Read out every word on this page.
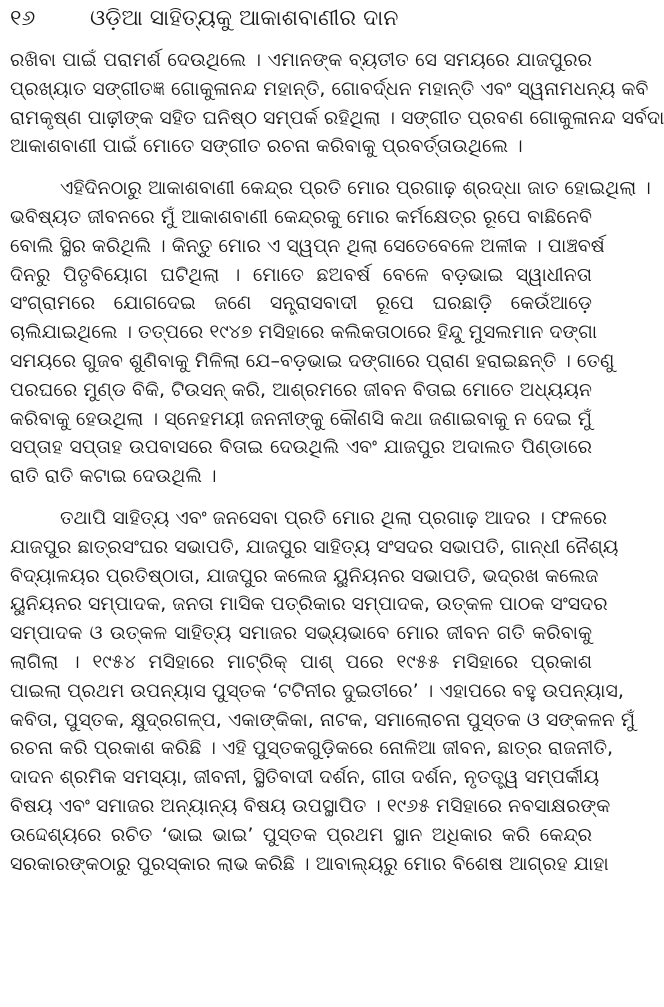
୧୬	ଓଡ଼ିଆ ସାହିତ୍ୟକୁ ଆକାଶବାଣୀର ଦାନ

ରଖିବା ପାଇଁ ପରାମର୍ଶ ଦେଉଥିଲେ । ଏମାନଙ୍କ ବ୍ୟତୀତ ସେ ସମୟରେ ଯାଜପୁରର
ପ୍ରଖ୍ୟାତ ସଙ୍ଗୀତଜ୍ଞ ଗୋକୁଳାନନ୍ଦ ମହାନ୍ତି, ଗୋବର୍ଦ୍ଧନ ମହାନ୍ତି ଏବଂ ସ୍ୱନାମଧନ୍ୟ କବି
ରାମକୃଷ୍ଣ ପାଢ଼ୀଙ୍କ ସହିତ ଘନିଷ୍ଠ ସମ୍ପର୍କ ରହିଥିଲା । ସଙ୍ଗୀତ ପ୍ରବଣ ଗୋକୁଳାନନ୍ଦ ସର୍ବଦା
ଆକାଶବାଣୀ ପାଇଁ ମୋତେ ସଙ୍ଗୀତ ରଚନା କରିବାକୁ ପ୍ରବର୍ତ୍ତାଉଥିଲେ ।

ଏହିଦିନଠାରୁ ଆକାଶବାଣୀ କେନ୍ଦ୍ର ପ୍ରତି ମୋର ପ୍ରଗାଢ଼ ଶ୍ରଦ୍ଧା ଜାତ ହୋଇଥିଲା ।
ଭବିଷ୍ୟତ ଜୀବନରେ ମୁଁ ଆକାଶବାଣୀ କେନ୍ଦ୍ରକୁ ମୋର କର୍ମକ୍ଷେତ୍ର ରୂପେ ବାଛିନେବି
ବୋଲି ସ୍ଥିର କରିଥିଲି । କିନ୍ତୁ ମୋର ଏ ସ୍ୱପ୍ନ ଥିଲା ସେତେବେଳେ ଅଳୀକ । ପାଞ୍ଚବର୍ଷ
ଦିନରୁ ପିତୃବିୟୋଗ ଘଟିଥିଲା । ମୋତେ ଛଅବର୍ଷ ବେଳେ ବଡ଼ଭାଇ ସ୍ୱାଧୀନତା
ସଂଗ୍ରାମରେ ଯୋଗଦେଇ ଜଣେ ସନ୍ତ୍ରାସବାଦୀ ରୂପେ ଘରଛାଡ଼ି କେଉଁଆଡ଼େ
ଚାଲିଯାଇଥିଲେ । ତତ୍ପରେ ୧୯୪୭ ମସିହାରେ କଲିକତାଠାରେ ହିନ୍ଦୁ ମୁସଲମାନ ଦଙ୍ଗା
ସମୟରେ ଗୁଜବ ଶୁଣିବାକୁ ମିଳିଲା ଯେ–ବଡ଼ଭାଇ ଦଙ୍ଗାରେ ପ୍ରାଣ ହରାଇଛନ୍ତି । ତେଣୁ
ପରଘରେ ମୁଣ୍ଡ ବିକି, ଟିଉସନ୍ କରି, ଆଶ୍ରମରେ ଜୀବନ ବିତାଇ ମୋତେ ଅଧ୍ୟୟନ
କରିବାକୁ ହେଉଥିଲା । ସ୍ନେହମୟୀ ଜନନୀଙ୍କୁ କୌଣସି କଥା ଜଣାଇବାକୁ ନ ଦେଇ ମୁଁ
ସପ୍ତାହ ସପ୍ତାହ ଉପବାସରେ ବିତାଇ ଦେଉଥିଲି ଏବଂ ଯାଜପୁର ଅଦାଲତ ପିଣ୍ଡାରେ
ରାତି ରାତି କଟାଇ ଦେଉଥିଲି ।

ତଥାପି ସାହିତ୍ୟ ଏବଂ ଜନସେବା ପ୍ରତି ମୋର ଥିଲା ପ୍ରଗାଢ଼ ଆଦର । ଫଳରେ
ଯାଜପୁର ଛାତ୍ରସଂଘର ସଭାପତି, ଯାଜପୁର ସାହିତ୍ୟ ସଂସଦର ସଭାପତି, ଗାନ୍ଧୀ ନୈଶ୍ୟ
ବିଦ୍ୟାଳୟର ପ୍ରତିଷ୍ଠାତା, ଯାଜପୁର କଲେଜ ୟୁନିୟନର ସଭାପତି, ଭଦ୍ରଖ କଲେଜ
ୟୁନିୟନର ସମ୍ପାଦକ, ଜନତା ମାସିକ ପତ୍ରିକାର ସମ୍ପାଦକ, ଉତ୍କଳ ପାଠକ ସଂସଦର
ସମ୍ପାଦକ ଓ ଉତ୍କଳ ସାହିତ୍ୟ ସମାଜର ସଭ୍ୟଭାବେ ମୋର ଜୀବନ ଗତି କରିବାକୁ
ଲାଗିଲା । ୧୯୫୪ ମସିହାରେ ମାଟ୍ରିକ୍ ପାଶ୍ ପରେ ୧୯୫୫ ମସିହାରେ ପ୍ରକାଶ
ପାଇଲା ପ୍ରଥମ ଉପନ୍ୟାସ ପୁସ୍ତକ ‘ଟଟିନୀର ଦୁଇତୀରେ’ । ଏହାପରେ ବହୁ ଉପନ୍ୟାସ,
କବିତା, ପୁସ୍ତକ, କ୍ଷୁଦ୍ରଗଳ୍ପ, ଏକାଙ୍କିକା, ନାଟକ, ସମାଲୋଚନା ପୁସ୍ତକ ଓ ସଙ୍କଳନ ମୁଁ
ରଚନା କରି ପ୍ରକାଶ କରିଛି । ଏହି ପୁସ୍ତକଗୁଡ଼ିକରେ ନୋଳିଆ ଜୀବନ, ଛାତ୍ର ରାଜନୀତି,
ଦାଦନ ଶ୍ରମିକ ସମସ୍ୟା, ଜୀବନୀ, ସ୍ଥିତିବାଦୀ ଦର୍ଶନ, ଗୀତା ଦର୍ଶନ, ନୃତତ୍ତ୍ୱ ସମ୍ପର୍କୀୟ
ବିଷୟ ଏବଂ ସମାଜର ଅନ୍ୟାନ୍ୟ ବିଷୟ ଉପସ୍ଥାପିତ । ୧୯୬୫ ମସିହାରେ ନବସାକ୍ଷରଙ୍କ
ଉଦ୍ଦେଶ୍ୟରେ ରଚିତ ‘ଭାଇ ଭାଇ’ ପୁସ୍ତକ ପ୍ରଥମ ସ୍ଥାନ ଅଧିକାର କରି କେନ୍ଦ୍ର
ସରକାରଙ୍କଠାରୁ ପୁରସ୍କାର ଲାଭ କରିଛି । ଆବାଲ୍ୟରୁ ମୋର ବିଶେଷ ଆଗ୍ରହ ଯାହା
